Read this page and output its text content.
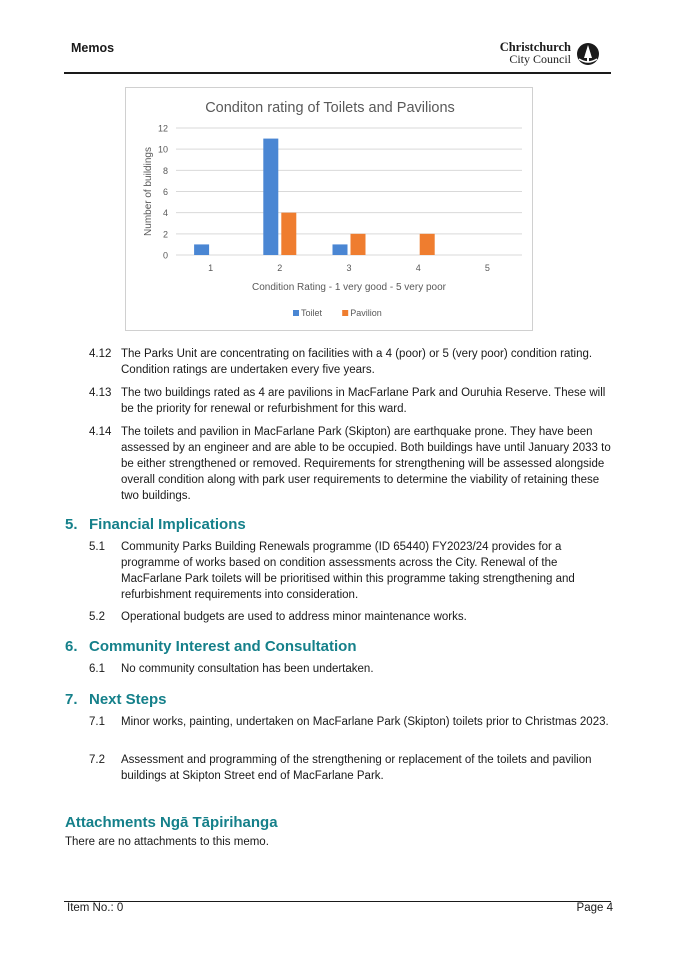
Memos	Christchurch
City Council
Conditon rating of Toilets and Pavilions
0
2
4
6
8
10
12
1	2	3	4	5
Number of buildings
Condition Rating - 1 very good - 5 very poor
Toilet	Pavilion
4.12 The Parks Unit are concentrating on facilities with a 4 (poor) or 5 (very poor) condition rating. Condition ratings are undertaken every five years.
4.13 The two buildings rated as 4 are pavilions in MacFarlane Park and Ouruhia Reserve. These will be the priority for renewal or refurbishment for this ward.
4.14 The toilets and pavilion in MacFarlane Park (Skipton) are earthquake prone. They have been assessed by an engineer and are able to be occupied. Both buildings have until January 2033 to be either strengthened or removed. Requirements for strengthening will be assessed alongside overall condition along with park user requirements to determine the viability of retaining these two buildings.
5. Financial Implications
5.1 Community Parks Building Renewals programme (ID 65440) FY2023/24 provides for a programme of works based on condition assessments across the City. Renewal of the MacFarlane Park toilets will be prioritised within this programme taking strengthening and refurbishment requirements into consideration.
5.2 Operational budgets are used to address minor maintenance works.
6. Community Interest and Consultation
6.1 No community consultation has been undertaken.
7. Next Steps
7.1 Minor works, painting, undertaken on MacFarlane Park (Skipton) toilets prior to Christmas 2023.
7.2 Assessment and programming of the strengthening or replacement of the toilets and pavilion buildings at Skipton Street end of MacFarlane Park.
Attachments Ngā Tāpirihanga
There are no attachments to this memo.
Item No.: 0	Page 4
